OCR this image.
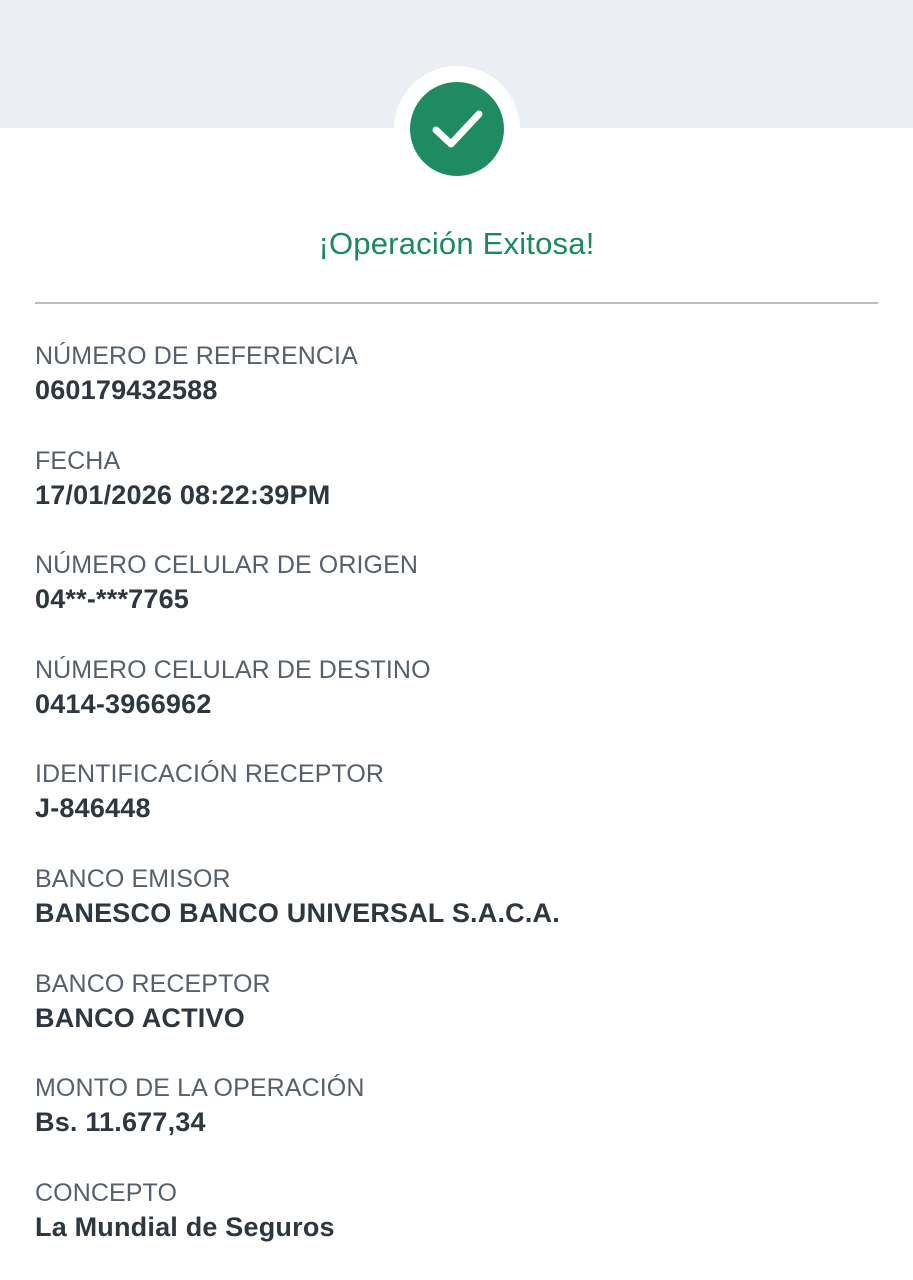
¡Operación Exitosa!
NÚMERO DE REFERENCIA
060179432588
FECHA
17/01/2026 08:22:39PM
NÚMERO CELULAR DE ORIGEN
04**-***7765
NÚMERO CELULAR DE DESTINO
0414-3966962
IDENTIFICACIÓN RECEPTOR
J-846448
BANCO EMISOR
BANESCO BANCO UNIVERSAL S.A.C.A.
BANCO RECEPTOR
BANCO ACTIVO
MONTO DE LA OPERACIÓN
Bs. 11.677,34
CONCEPTO
La Mundial de Seguros
